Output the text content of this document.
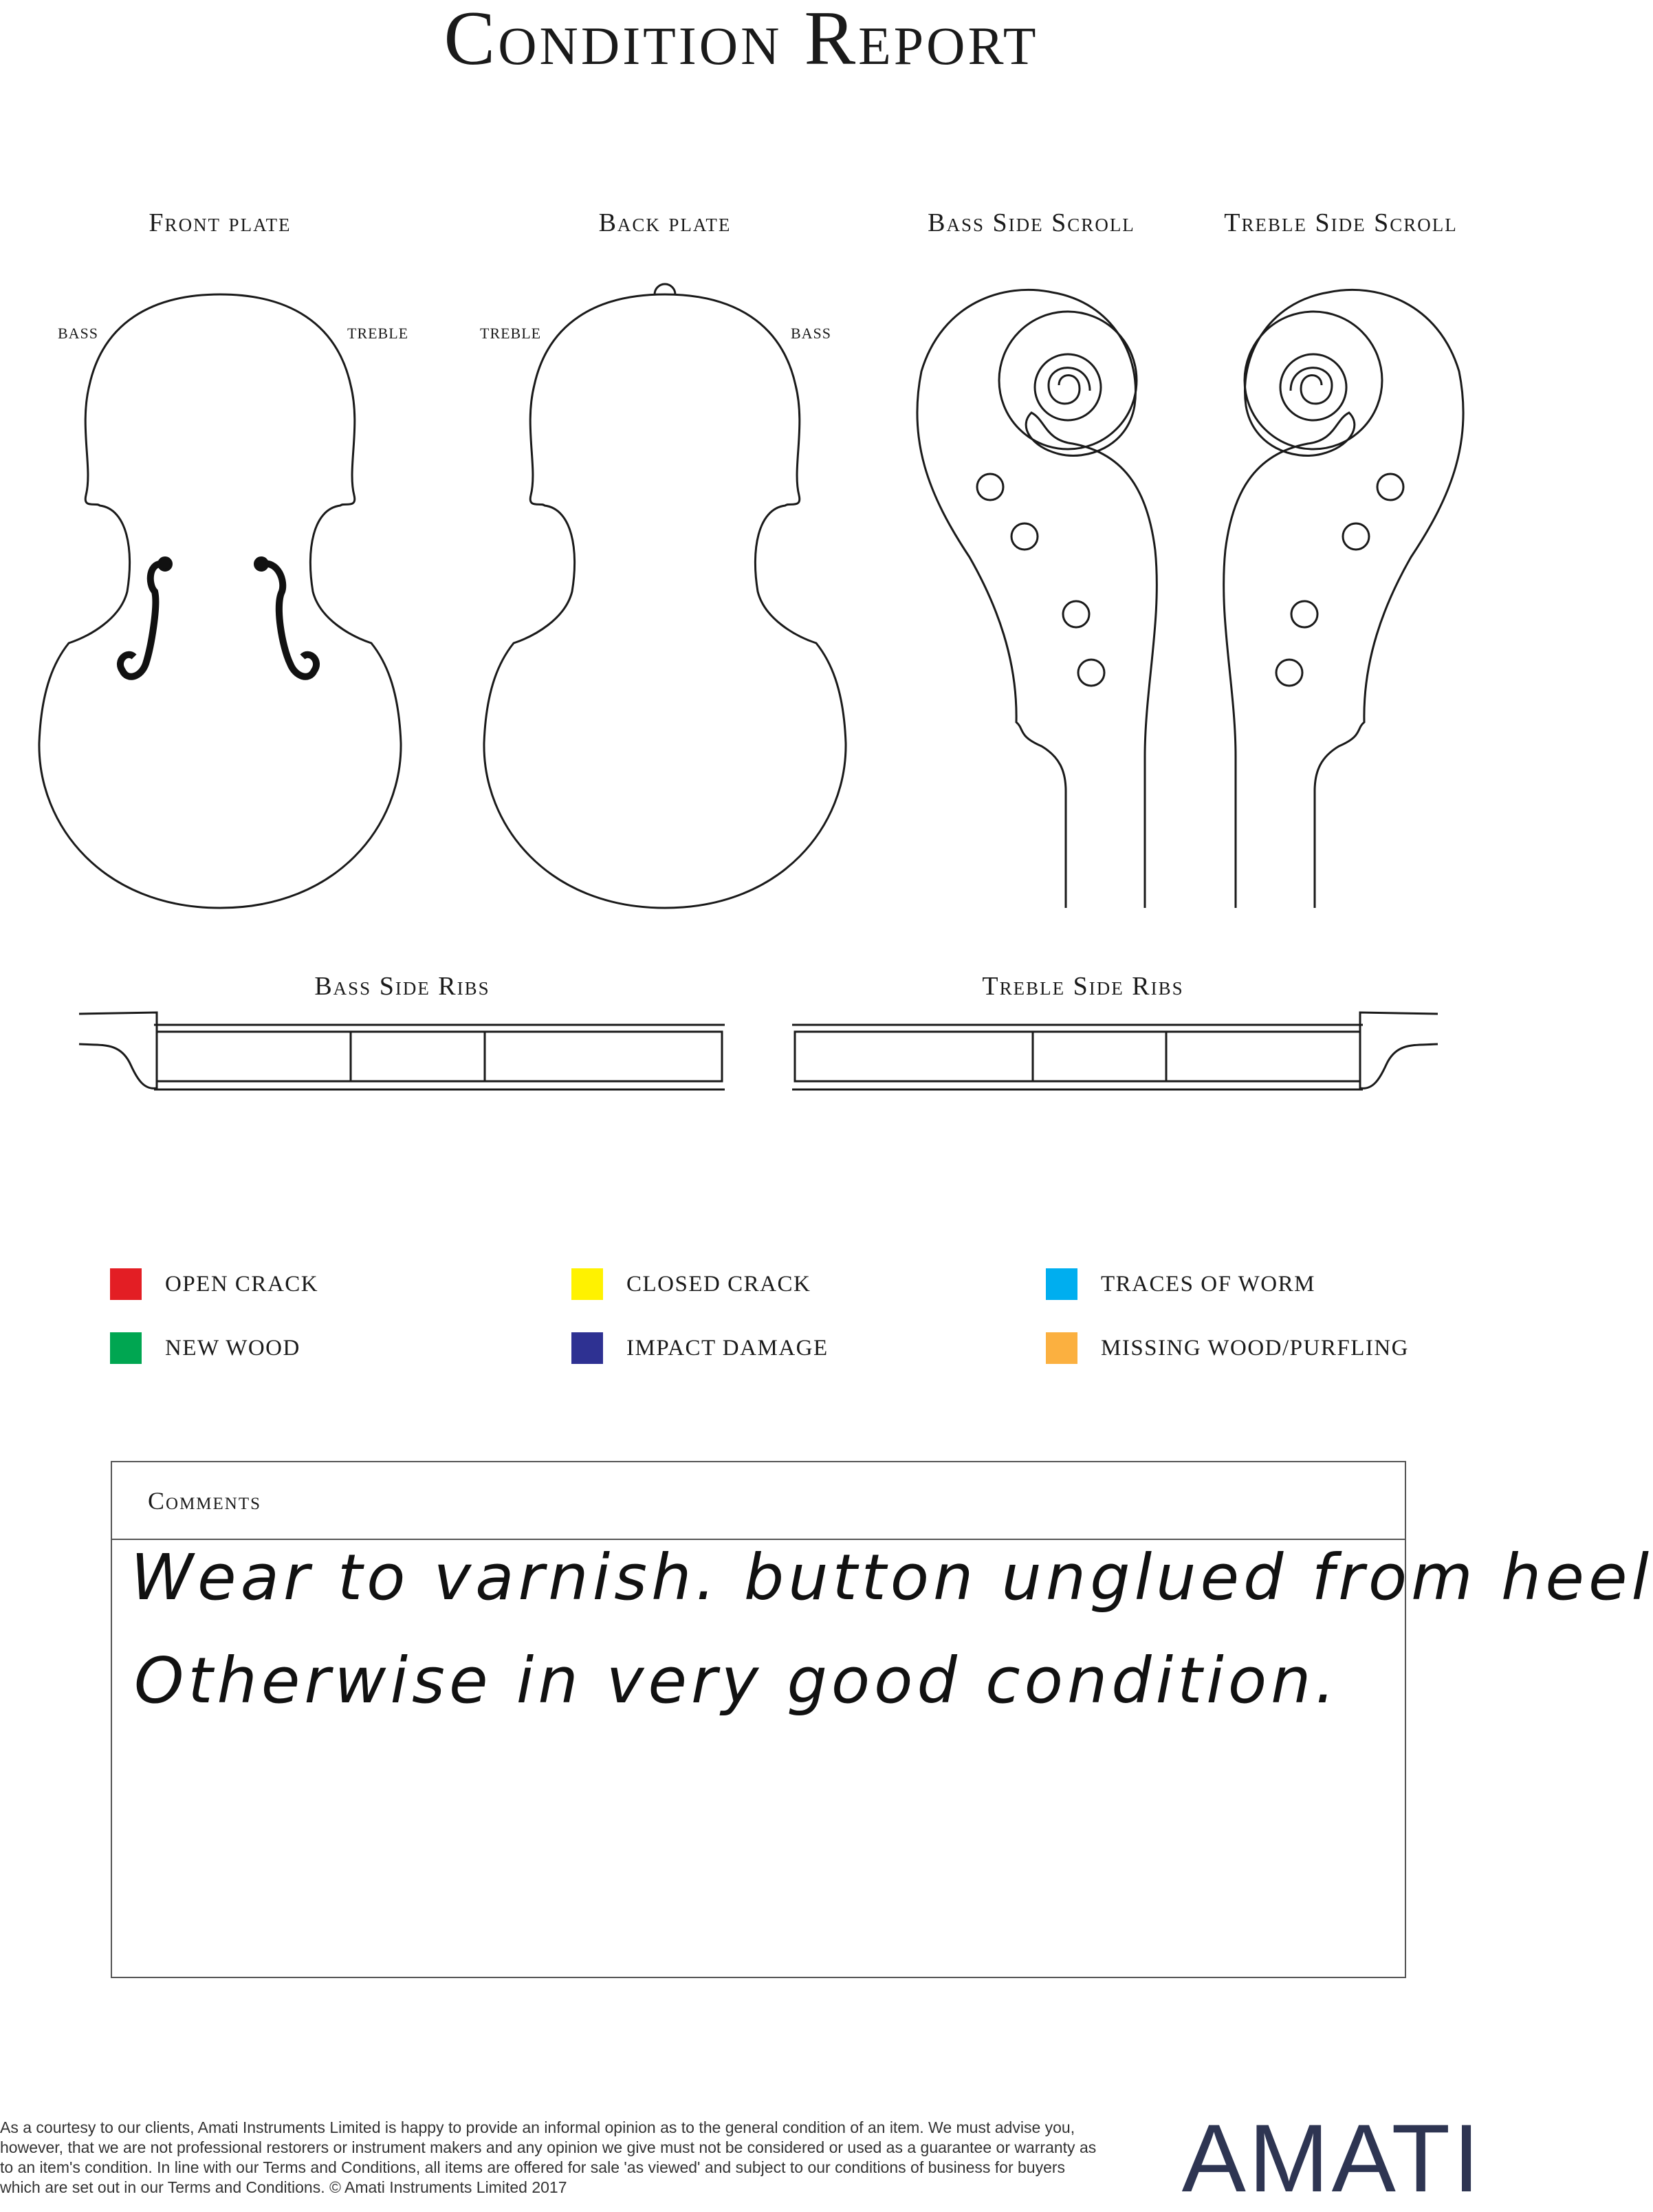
Condition Report
Front plate	Back plate	Bass Side Scroll	Treble Side Scroll
BASS	TREBLE	TREBLE	BASS
Bass Side Ribs	Treble Side Ribs
OPEN CRACK	CLOSED CRACK	TRACES OF WORM
NEW WOOD	IMPACT DAMAGE	MISSING WOOD/PURFLING
Comments
Wear to varnish. button unglued from heel
Otherwise in very good condition.
As a courtesy to our clients, Amati Instruments Limited is happy to provide an informal opinion as to the general condition of an item. We must advise you, however, that we are not professional restorers or instrument makers and any opinion we give must not be considered or used as a guarantee or warranty as to an item's condition. In line with our Terms and Conditions, all items are offered for sale 'as viewed' and subject to our conditions of business for buyers which are set out in our Terms and Conditions. © Amati Instruments Limited 2017	AMATI
